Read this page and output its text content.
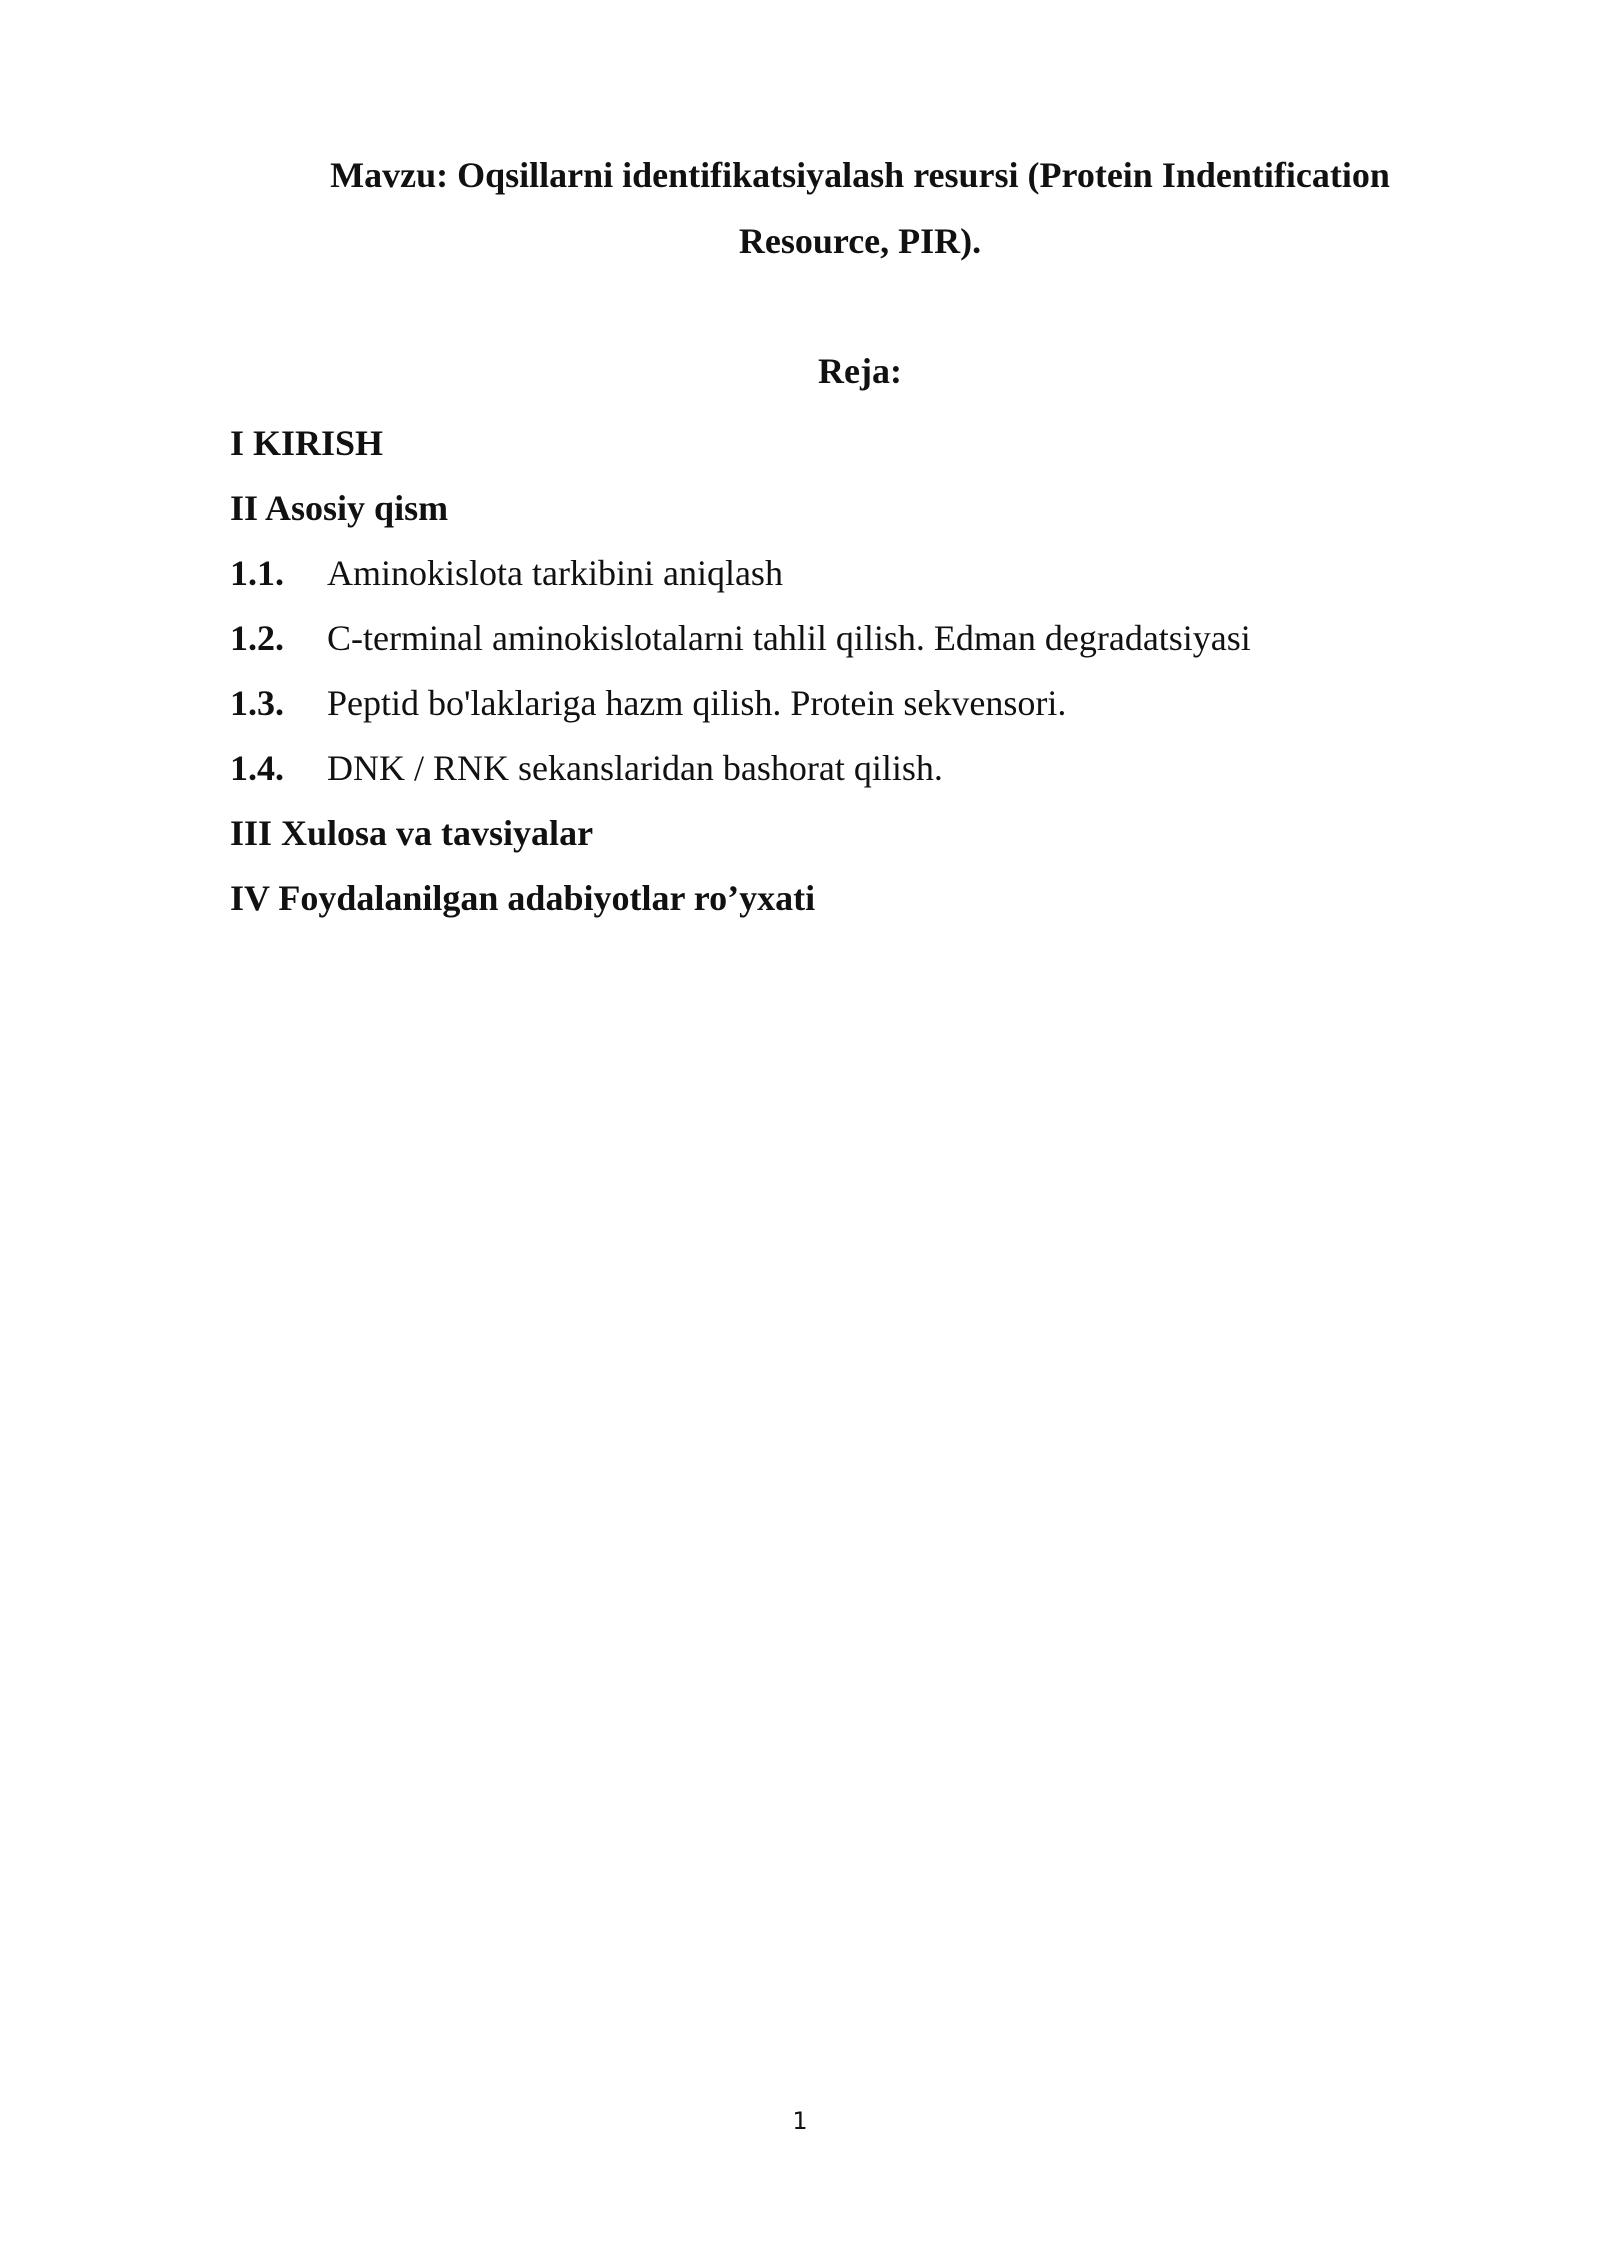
Mavzu: Oqsillarni identifikatsiyalash resursi (Protein Indentification
Resource, PIR).
Reja:
I KIRISH
II Asosiy qism
1.1. Aminokislota tarkibini aniqlash
1.2. C-terminal aminokislotalarni tahlil qilish. Edman degradatsiyasi
1.3. Peptid bo'laklariga hazm qilish. Protein sekvensori.
1.4. DNK / RNK sekanslaridan bashorat qilish.
III Xulosa va tavsiyalar
IV Foydalanilgan adabiyotlar ro’yxati
1
